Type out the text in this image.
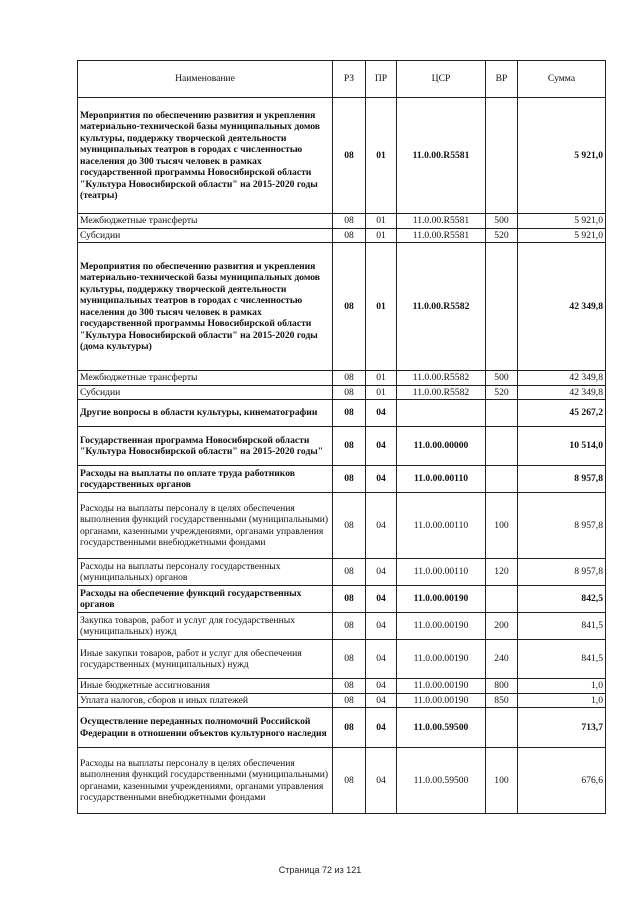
Наименование	РЗ	ПР	ЦСР	ВР	Сумма
Мероприятия по обеспечению развития и укрепления материально-технической базы муниципальных домов культуры, поддержку творческой деятельности муниципальных театров в городах с численностью населения до 300 тысяч человек в рамках государственной программы Новосибирской области "Культура Новосибирской области" на 2015-2020 годы (театры)	08	01	11.0.00.R5581		5 921,0
Межбюджетные трансферты	08	01	11.0.00.R5581	500	5 921,0
Субсидии	08	01	11.0.00.R5581	520	5 921,0
Мероприятия по обеспечению развития и укрепления материально-технической базы муниципальных домов культуры, поддержку творческой деятельности муниципальных театров в городах с численностью населения до 300 тысяч человек в рамках государственной программы Новосибирской области "Культура Новосибирской области" на 2015-2020 годы (дома культуры)	08	01	11.0.00.R5582		42 349,8
Межбюджетные трансферты	08	01	11.0.00.R5582	500	42 349,8
Субсидии	08	01	11.0.00.R5582	520	42 349,8
Другие вопросы в области культуры, кинематографии	08	04			45 267,2
Государственная программа Новосибирской области "Культура Новосибирской области" на 2015-2020 годы"	08	04	11.0.00.00000		10 514,0
Расходы на выплаты по оплате труда работников государственных органов	08	04	11.0.00.00110		8 957,8
Расходы на выплаты персоналу в целях обеспечения выполнения функций государственными (муниципальными) органами, казенными учреждениями, органами управления государственными внебюджетными фондами	08	04	11.0.00.00110	100	8 957,8
Расходы на выплаты персоналу государственных (муниципальных) органов	08	04	11.0.00.00110	120	8 957,8
Расходы на обеспечение функций государственных органов	08	04	11.0.00.00190		842,5
Закупка товаров, работ и услуг для государственных (муниципальных) нужд	08	04	11.0.00.00190	200	841,5
Иные закупки товаров, работ и услуг для обеспечения государственных (муниципальных) нужд	08	04	11.0.00.00190	240	841,5
Иные бюджетные ассигнования	08	04	11.0.00.00190	800	1,0
Уплата налогов, сборов и иных платежей	08	04	11.0.00.00190	850	1,0
Осуществление переданных полномочий Российской Федерации в отношении объектов культурного наследия	08	04	11.0.00.59500		713,7
Расходы на выплаты персоналу в целях обеспечения выполнения функций государственными (муниципальными) органами, казенными учреждениями, органами управления государственными внебюджетными фондами	08	04	11.0.00.59500	100	676,6
Страница 72 из 121
